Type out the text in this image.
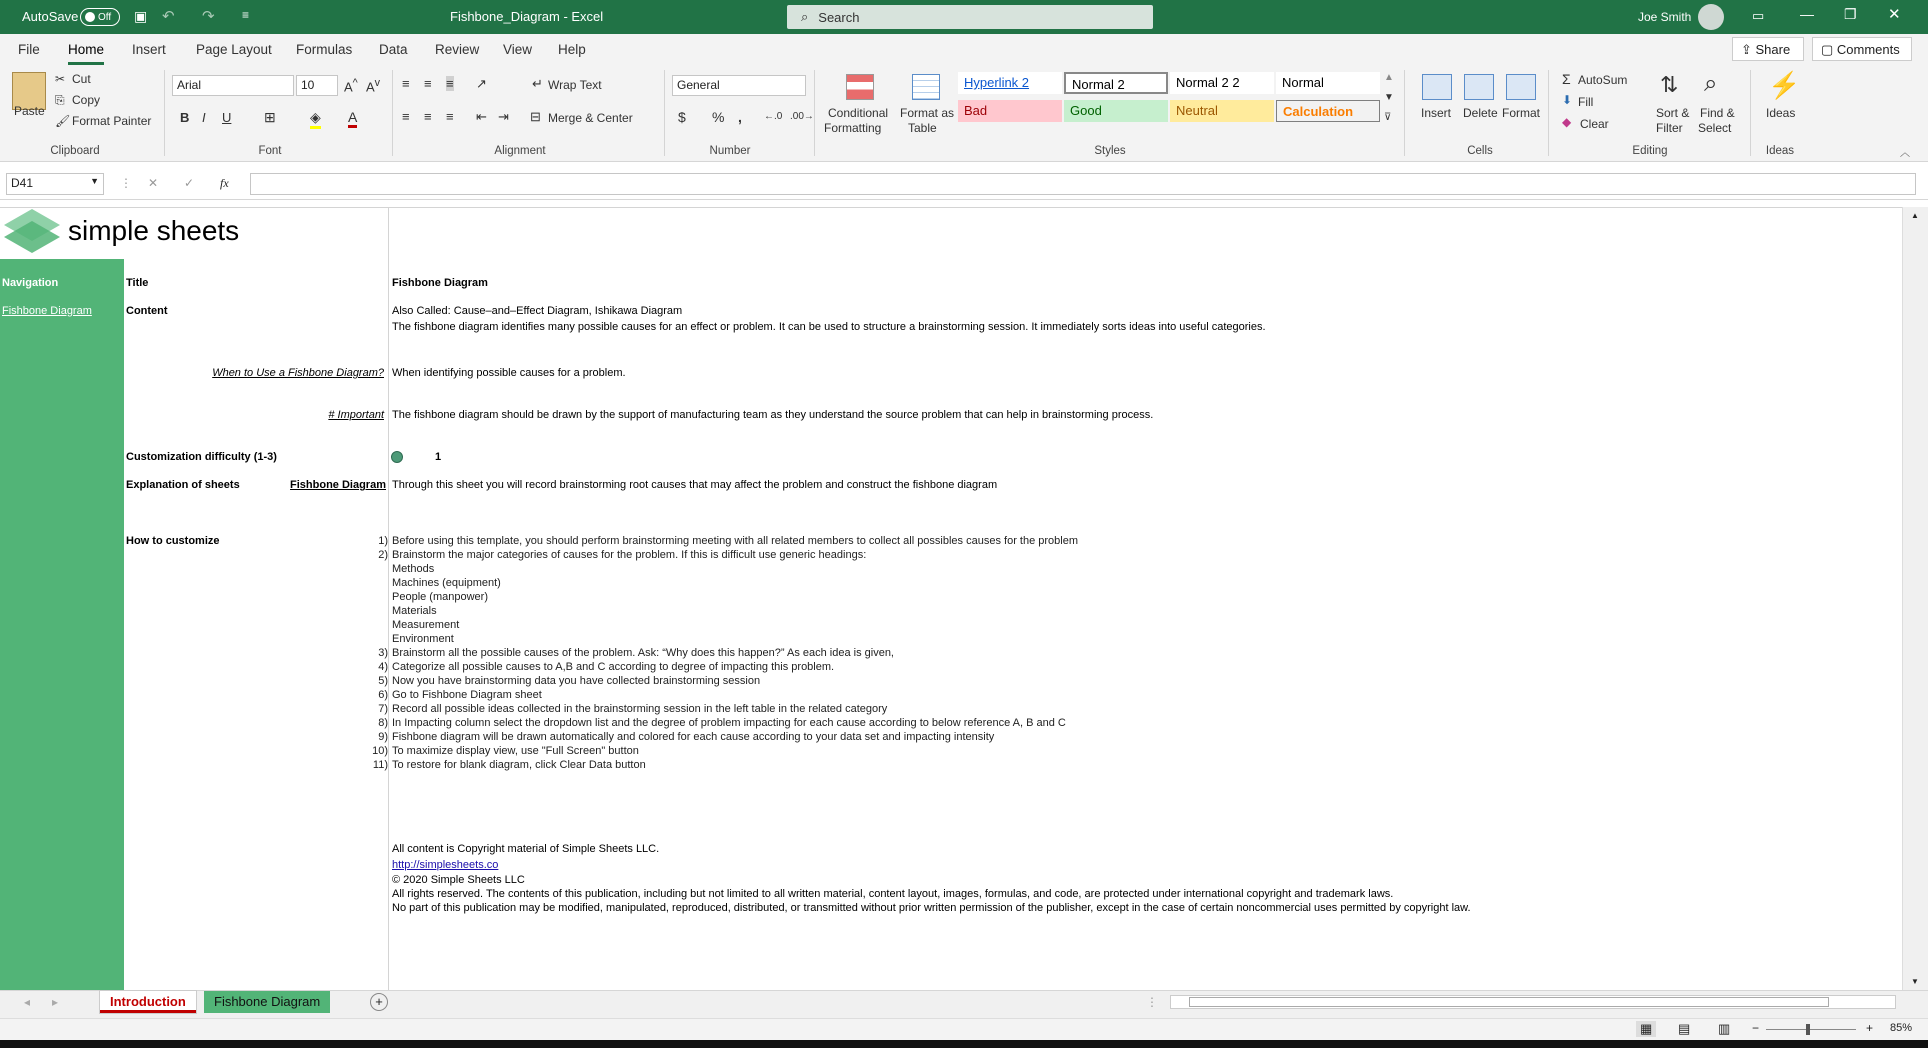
AutoSave Off ▣ ↶ ↷ ≡	Fishbone_Diagram - Excel	⌕ Search	Joe Smith	▭	— ❐ ✕
File Home Insert Page Layout Formulas Data Review View Help	⇪ Share	▢ Comments
Paste
✂ Cut
⎘ Copy
🖌 Format Painter
Clipboard
Arial	10	A^ $A^v$
B I U ⊞ ◈ A
Font
≡ ≡ ≡ ↗	↵ Wrap Text
≡ ≡ ≡ ⇤ ⇥ ⊟ Merge & Center
Alignment
General
$ % , ←.0 .00→
Number
Conditional
Formatting
Format as
Table
Hyperlink 2	Normal 2	Normal 2 2	Normal
Bad	Good	Neutral	Calculation
▲
▼
⊽
Styles
Insert Delete Format
Cells
Σ AutoSum
⬇ Fill
◆ Clear
⇅
Sort &
Filter
⌕
Find &
Select
Editing
⚡
Ideas
Ideas	︿
D41	▼ ⋮ ✕ ✓ fx
simple sheets
Navigation
Fishbone Diagram
Title	Fishbone Diagram
Content	Also Called: Cause–and–Effect Diagram, Ishikawa Diagram
The fishbone diagram identifies many possible causes for an effect or problem. It can be used to structure a brainstorming session. It immediately sorts ideas into useful categories.
When to Use a Fishbone Diagram? When identifying possible causes for a problem.
# Important The fishbone diagram should be drawn by the support of manufacturing team as they understand the source problem that can help in brainstorming process.
Customization difficulty (1-3)	1
Explanation of sheets	Fishbone Diagram Through this sheet you will record brainstorming root causes that may affect the problem and construct the fishbone diagram
How to customize	1) Before using this template, you should perform brainstorming meeting with all related members to collect all possibles causes for the problem
2) Brainstorm the major categories of causes for the problem. If this is difficult use generic headings:
Methods
Machines (equipment)
People (manpower)
Materials
Measurement
Environment
3) Brainstorm all the possible causes of the problem. Ask: “Why does this happen?” As each idea is given,
4) Categorize all possible causes to A,B and C according to degree of impacting this problem.
5) Now you have brainstorming data you have collected brainstorming session
6) Go to Fishbone Diagram sheet
7) Record all possible ideas collected in the brainstorming session in the left table in the related category
8) In Impacting column select the dropdown list and the degree of problem impacting for each cause according to below reference A, B and C
9) Fishbone diagram will be drawn automatically and colored for each cause according to your data set and impacting intensity
10) To maximize display view, use "Full Screen" button
11) To restore for blank diagram, click Clear Data button
All content is Copyright material of Simple Sheets LLC.
http://simplesheets.co
© 2020 Simple Sheets LLC
All rights reserved. The contents of this publication, including but not limited to all written material, content layout, images, formulas, and code, are protected under international copyright and trademark laws.
No part of this publication may be modified, manipulated, reproduced, distributed, or transmitted without prior written permission of the publisher, except in the case of certain noncommercial uses permitted by copyright law.
▲
▼
◂ ▸	Introduction	Fishbone Diagram	+	⋮
▦	▤ ▥ −	+ 85%
